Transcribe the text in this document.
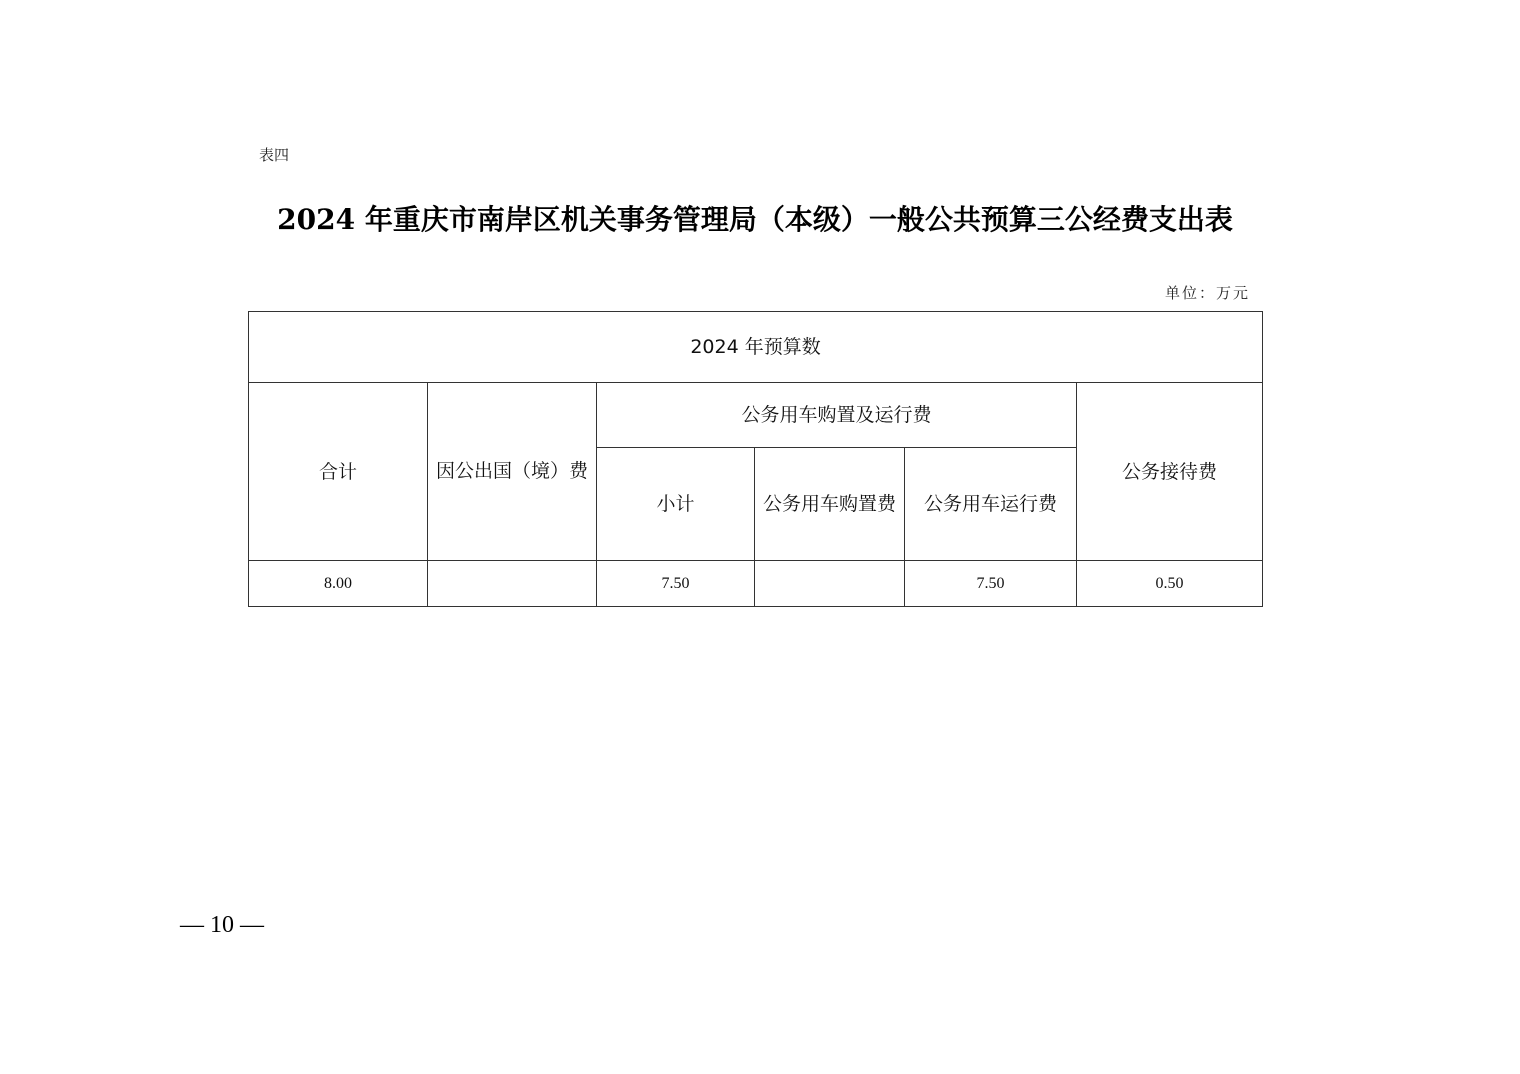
表四
2024 年重庆市南岸区机关事务管理局（本级）一般公共预算三公经费支出表
单位：万元
2024 年预算数					
合计	因公出国（境）费	公务用车购置及运行费			公务接待费
		小计	公务用车购置费	公务用车运行费	
8.00		7.50		7.50	0.50
— 10 —
